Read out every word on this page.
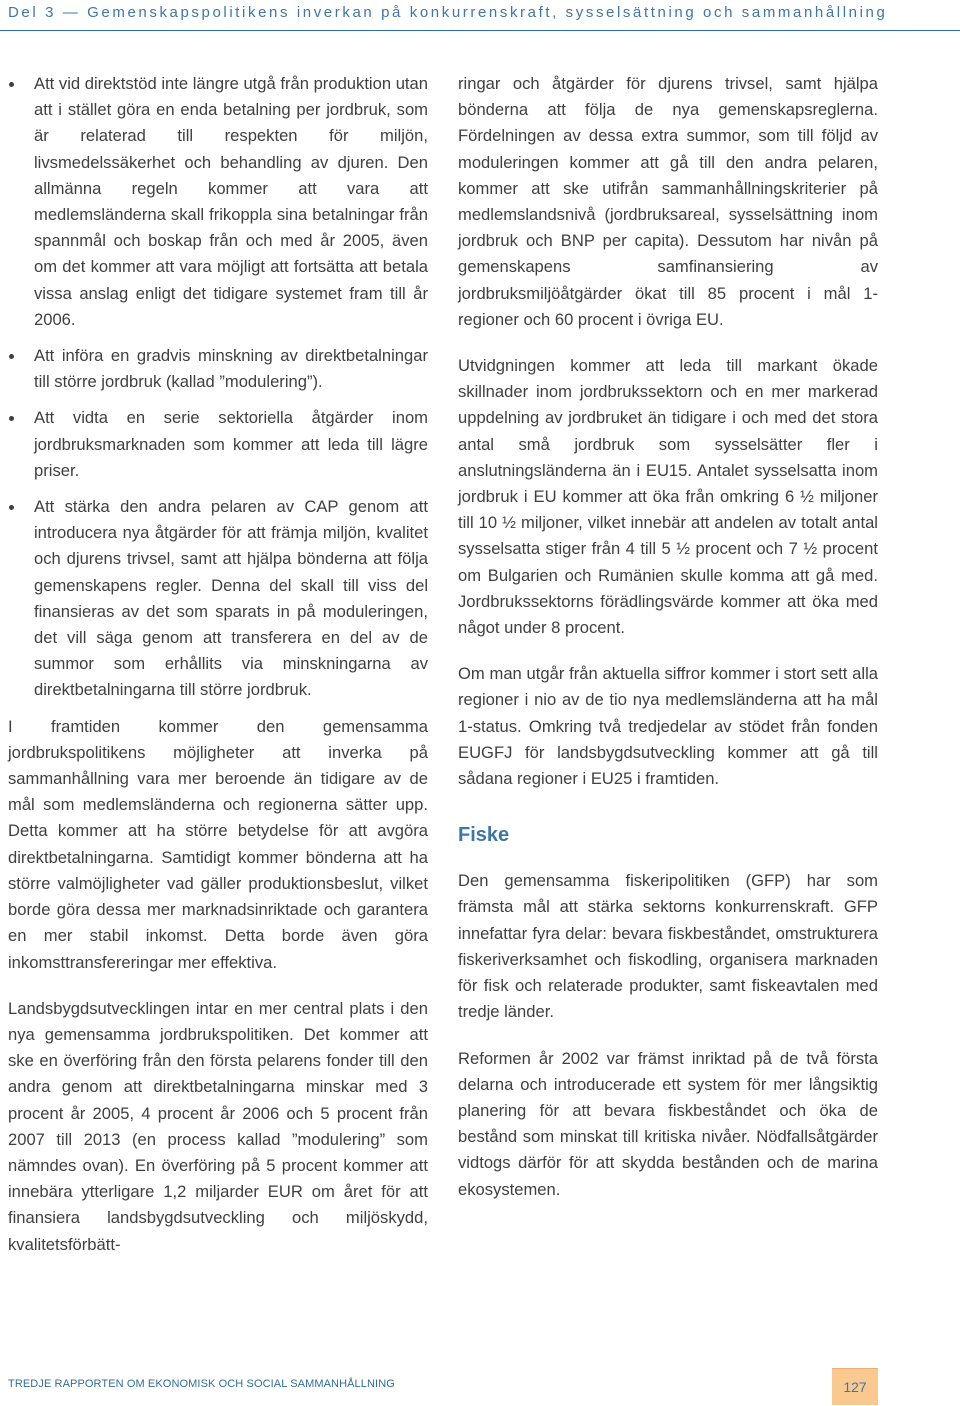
Del 3 — Gemenskapspolitikens inverkan på konkurrenskraft, sysselsättning och sammanhållning
Att vid direktstöd inte längre utgå från produktion utan att i stället göra en enda betalning per jordbruk, som är relaterad till respekten för miljön, livsmedelssäkerhet och behandling av djuren. Den allmänna regeln kommer att vara att medlemsländerna skall frikoppla sina betalningar från spannmål och boskap från och med år 2005, även om det kommer att vara möjligt att fortsätta att betala vissa anslag enligt det tidigare systemet fram till år 2006.
Att införa en gradvis minskning av direktbetalningar till större jordbruk (kallad ”modulering”).
Att vidta en serie sektoriella åtgärder inom jordbruksmarknaden som kommer att leda till lägre priser.
Att stärka den andra pelaren av CAP genom att introducera nya åtgärder för att främja miljön, kvalitet och djurens trivsel, samt att hjälpa bönderna att följa gemenskapens regler. Denna del skall till viss del finansieras av det som sparats in på moduleringen, det vill säga genom att transferera en del av de summor som erhållits via minskningarna av direktbetalningarna till större jordbruk.

I framtiden kommer den gemensamma jordbrukspolitikens möjligheter att inverka på sammanhållning vara mer beroende än tidigare av de mål som medlemsländerna och regionerna sätter upp. Detta kommer att ha större betydelse för att avgöra direktbetalningarna. Samtidigt kommer bönderna att ha större valmöjligheter vad gäller produktionsbeslut, vilket borde göra dessa mer marknadsinriktade och garantera en mer stabil inkomst. Detta borde även göra inkomsttransfereringar mer effektiva.

Landsbygdsutvecklingen intar en mer central plats i den nya gemensamma jordbrukspolitiken. Det kommer att ske en överföring från den första pelarens fonder till den andra genom att direktbetalningarna minskar med 3 procent år 2005, 4 procent år 2006 och 5 procent från 2007 till 2013 (en process kallad ”modulering” som nämndes ovan). En överföring på 5 procent kommer att innebära ytterligare 1,2 miljarder EUR om året för att finansiera landsbygdsutveckling och miljöskydd, kvalitetsförbätt-

ringar och åtgärder för djurens trivsel, samt hjälpa bönderna att följa de nya gemenskapsreglerna. Fördelningen av dessa extra summor, som till följd av moduleringen kommer att gå till den andra pelaren, kommer att ske utifrån sammanhållningskriterier på medlemslandsnivå (jordbruksareal, sysselsättning inom jordbruk och BNP per capita). Dessutom har nivån på gemenskapens samfinansiering av jordbruksmiljöåtgärder ökat till 85 procent i mål 1-regioner och 60 procent i övriga EU.

Utvidgningen kommer att leda till markant ökade skillnader inom jordbrukssektorn och en mer markerad uppdelning av jordbruket än tidigare i och med det stora antal små jordbruk som sysselsätter fler i anslutningsländerna än i EU15. Antalet sysselsatta inom jordbruk i EU kommer att öka från omkring 6 ½ miljoner till 10 ½ miljoner, vilket innebär att andelen av totalt antal sysselsatta stiger från 4 till 5 ½ procent och 7 ½ procent om Bulgarien och Rumänien skulle komma att gå med. Jordbrukssektorns förädlingsvärde kommer att öka med något under 8 procent.

Om man utgår från aktuella siffror kommer i stort sett alla regioner i nio av de tio nya medlemsländerna att ha mål 1-status. Omkring två tredjedelar av stödet från fonden EUGFJ för landsbygdsutveckling kommer att gå till sådana regioner i EU25 i framtiden.

Fiske

Den gemensamma fiskeripolitiken (GFP) har som främsta mål att stärka sektorns konkurrenskraft. GFP innefattar fyra delar: bevara fiskbeståndet, omstrukturera fiskeriverksamhet och fiskodling, organisera marknaden för fisk och relaterade produkter, samt fiskeavtalen med tredje länder.

Reformen år 2002 var främst inriktad på de två första delarna och introducerade ett system för mer långsiktig planering för att bevara fiskbeståndet och öka de bestånd som minskat till kritiska nivåer. Nödfallsåtgärder vidtogs därför för att skydda bestånden och de marina ekosystemen.

TREDJE RAPPORTEN OM EKONOMISK OCH SOCIAL SAMMANHÅLLNING	127
